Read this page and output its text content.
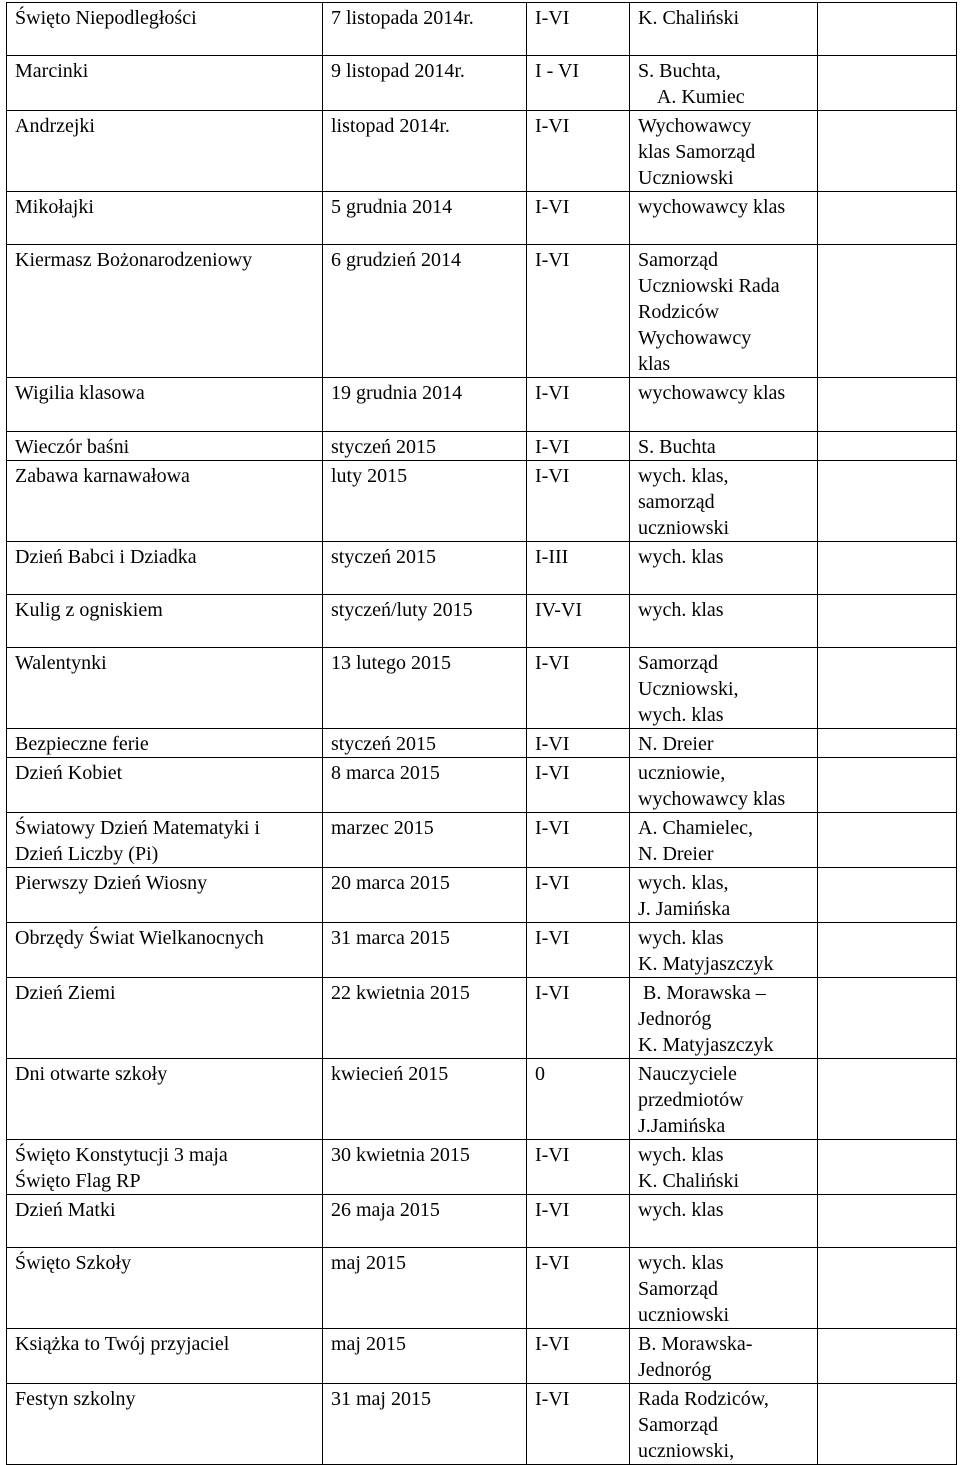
Święto Niepodległości	7 listopada 2014r.	I-VI	K. Chaliński	

Marcinki	9 listopad 2014r.	I - VI	S. Buchta,
A. Kumiec	

Andrzejki	listopad 2014r.	I-VI	Wychowawcy
klas Samorząd
Uczniowski	

Mikołajki	5 grudnia 2014	I-VI	wychowawcy klas	

Kiermasz Bożonarodzeniowy	6 grudzień 2014	I-VI	Samorząd
Uczniowski Rada
Rodziców
Wychowawcy
klas	

Wigilia klasowa	19 grudnia 2014	I-VI	wychowawcy klas	

Wieczór baśni	styczeń 2015	I-VI	S. Buchta	

Zabawa karnawałowa	luty 2015	I-VI	wych. klas,
samorząd
uczniowski	

Dzień Babci i Dziadka	styczeń 2015	I-III	wych. klas	

Kulig z ogniskiem	styczeń/luty 2015	IV-VI	wych. klas	

Walentynki	13 lutego 2015	I-VI	Samorząd
Uczniowski,
wych. klas	

Bezpieczne ferie	styczeń 2015	I-VI	N. Dreier	

Dzień Kobiet	8 marca 2015	I-VI	uczniowie,
wychowawcy klas	

Światowy Dzień Matematyki i
Dzień Liczby (Pi)	marzec 2015	I-VI	A. Chamielec,
N. Dreier	

Pierwszy Dzień Wiosny	20 marca 2015	I-VI	wych. klas,
J. Jamińska	

Obrzędy Świat Wielkanocnych	31 marca 2015	I-VI	wych. klas
K. Matyjaszczyk	

Dzień Ziemi	22 kwietnia 2015	I-VI	B. Morawska –
Jednoróg
K. Matyjaszczyk	

Dni otwarte szkoły	kwiecień 2015	0	Nauczyciele
przedmiotów
J.Jamińska	

Święto Konstytucji 3 maja
Święto Flag RP	30 kwietnia 2015	I-VI	wych. klas
K. Chaliński	

Dzień Matki	26 maja 2015	I-VI	wych. klas	

Święto Szkoły	maj 2015	I-VI	wych. klas
Samorząd
uczniowski	

Książka to Twój przyjaciel	maj 2015	I-VI	B. Morawska-
Jednoróg	

Festyn szkolny	31 maj 2015	I-VI	Rada Rodziców,
Samorząd
uczniowski,	
